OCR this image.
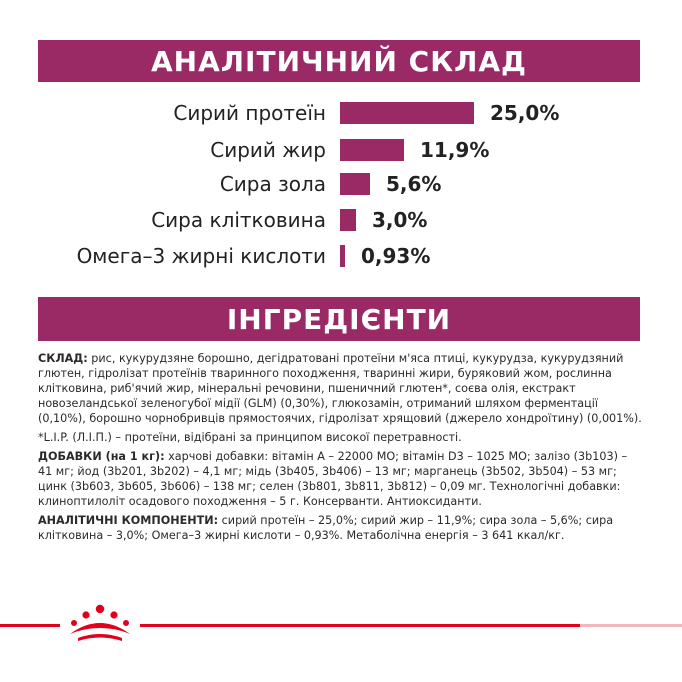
АНАЛІТИЧНИЙ СКЛАД
Сирий протеїн	25,0%
Сирий жир	11,9%
Сира зола	5,6%
Сира клітковина 3,0%
Омега–3 жирні кислоти 0,93%
ІНГРЕДІЄНТИ

СКЛАД: рис, кукурудзяне борошно, дегідратовані протеїни м'яса птиці, кукурудза, кукурудзяний глютен, гідролізат протеїнів тваринного походження, тваринні жири, буряковий жом, рослинна клітковина, риб'ячий жир, мінеральні речовини, пшеничний глютен*, соєва олія, екстракт новозеландської зеленогубої мідії (GLM) (0,30%), глюкозамін, отриманий шляхом ферментації (0,10%), борошно чорнобривців прямостоячих, гідролізат хрящовий (джерело хондроїтину) (0,001%).

*L.I.P. (Л.І.П.) – протеїни, відібрані за принципом високої перетравності.

ДОБАВКИ (на 1 кг): харчові добавки: вітамін А – 22000 МО; вітамін D3 – 1025 МО; залізо (3b103) – 41 мг; йод (3b201, 3b202) – 4,1 мг; мідь (3b405, 3b406) – 13 мг; марганець (3b502, 3b504) – 53 мг; цинк (3b603, 3b605, 3b606) – 138 мг; селен (3b801, 3b811, 3b812) – 0,09 мг. Технологічні добавки: клиноптилоліт осадового походження – 5 г. Консерванти. Антиоксиданти.

АНАЛІТИЧНІ КОМПОНЕНТИ: сирий протеїн – 25,0%; сирий жир – 11,9%; сира зола – 5,6%; сира клітковина – 3,0%; Омега–3 жирні кислоти – 0,93%. Метаболічна енергія – 3 641 ккал/кг.
